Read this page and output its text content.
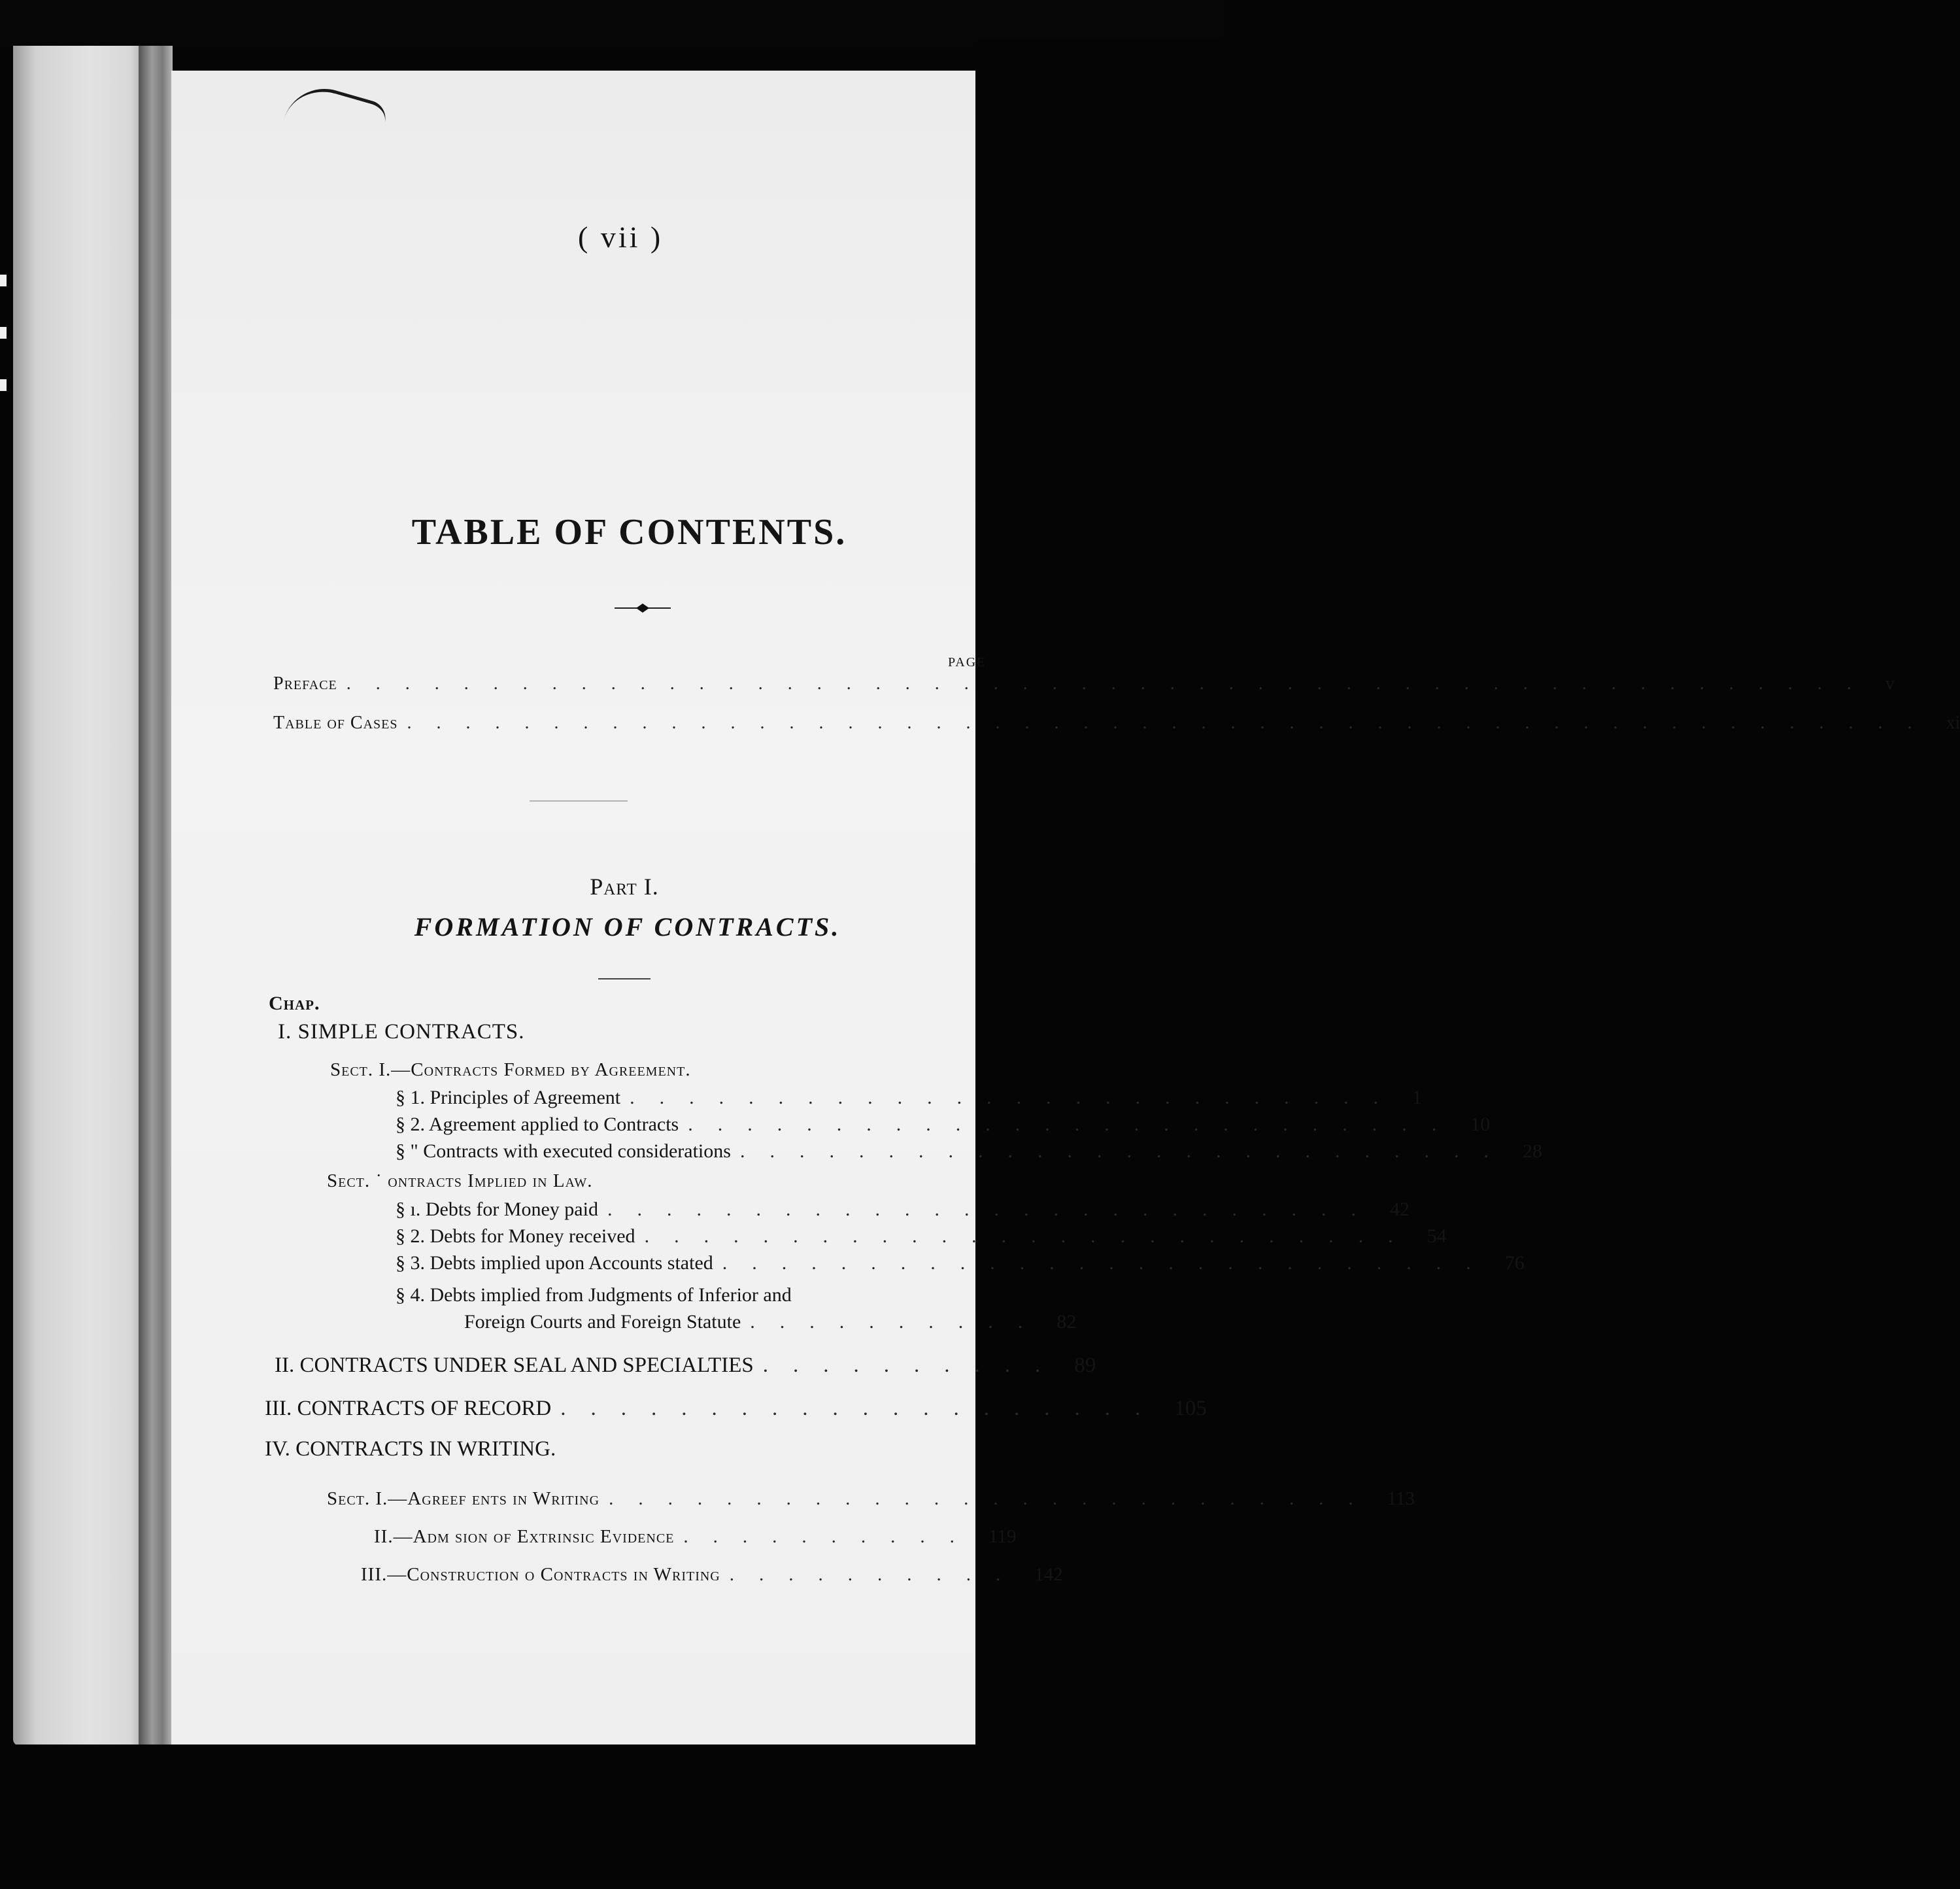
( vii )
TABLE OF CONTENTS.
PAGE
Preface .................................................... v
Table of Cases .................................................... xi
Part I.
FORMATION OF CONTRACTS.
Chap.
I. SIMPLE CONTRACTS.
Sect. I.—Contracts Formed by Agreement.
§ 1. Principles of Agreement .......................... 1
§ 2. Agreement applied to Contracts .......................... 10
§ " Contracts with executed considerations .......................... 28
Sect. ˙ ontracts Implied in Law.
§ ı. Debts for Money paid .......................... 42
§ 2. Debts for Money received .......................... 54
§ 3. Debts implied upon Accounts stated .......................... 76
§ 4. Debts implied from Judgments of Inferior and
Foreign Courts and Foreign Statute .......... 82
II. CONTRACTS UNDER SEAL AND SPECIALTIES .......... 89
III. CONTRACTS OF RECORD .................... 105
IV. CONTRACTS IN WRITING.
Sect. I.—Agreef ents in Writing .......................... 113
II.—Adm sion of Extrinsic Evidence .......... 119
III.—Construction o Contracts in Writing .......... 142
